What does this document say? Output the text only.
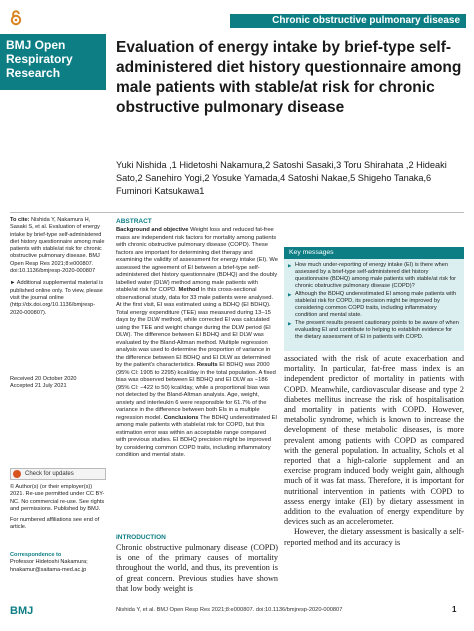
Chronic obstructive pulmonary disease
BMJ Open Respiratory Research
Evaluation of energy intake by brief-type self-administered diet history questionnaire among male patients with stable/at risk for chronic obstructive pulmonary disease
Yuki Nishida ,1 Hidetoshi Nakamura,2 Satoshi Sasaki,3 Toru Shirahata ,2 Hideaki Sato,2 Sanehiro Yogi,2 Yosuke Yamada,4 Satoshi Nakae,5 Shigeho Tanaka,6 Fuminori Katsukawa1
To cite: Nishida Y, Nakamura H, Sasaki S, et al. Evaluation of energy intake by brief-type self-administered diet history questionnaire among male patients with stable/at risk for chronic obstructive pulmonary disease. BMJ Open Resp Res 2021;8:e000807. doi:10.1136/bmjresp-2020-000807
► Additional supplemental material is published online only. To view, please visit the journal online (http://dx.doi.org/10.1136/bmjresp-2020-000807).
Received 20 October 2020
Accepted 21 July 2021
Check for updates
© Author(s) (or their employer(s)) 2021. Re-use permitted under CC BY-NC. No commercial re-use. See rights and permissions. Published by BMJ.
For numbered affiliations see end of article.
Correspondence to
Professor Hidetoshi Nakamura; hnakamur@saitama-med.ac.jp
ABSTRACT
Background and objective Weight loss and reduced fat-free mass are independent risk factors for mortality among patients with chronic obstructive pulmonary disease (COPD). These factors are important for determining diet therapy and examining the validity of assessment for energy intake (EI). We assessed the agreement of EI between a brief-type self-administered diet history questionnaire (BDHQ) and the doubly labelled water (DLW) method among male patients with stable/at risk for COPD. Method In this cross-sectional observational study, data for 33 male patients were analysed. At the first visit, EI was estimated using a BDHQ (EI BDHQ). Total energy expenditure (TEE) was measured during 13–15 days by the DLW method, while corrected EI was calculated using the TEE and weight change during the DLW period (EI DLW). The difference between EI BDHQ and EI DLW was evaluated by the Bland-Altman method. Multiple regression analysis was used to determine the proportion of variance in the difference between EI BDHQ and EI DLW as determined by the patient's characteristics. Results EI BDHQ was 2000 (95% CI: 1905 to 2295) kcal/day in the total population. A fixed bias was observed between EI BDHQ and EI DLW as −186 (95% CI: −422 to 50) kcal/day, while a proportional bias was not detected by the Bland-Altman analysis. Age, weight, anxiety and interleukin 6 were responsible for 61.7% of the variance in the difference between both EIs in a multiple regression model. Conclusions The BDHQ underestimated EI among male patients with stable/at risk for COPD, but this estimation error was within an acceptable range compared with previous studies. EI BDHQ precision might be improved by considering common COPD traits, including inflammatory condition and mental state.
Key messages
▶ How much under-reporting of energy intake (EI) is there when assessed by a brief-type self-administered diet history questionnaire (BDHQ) among male patients with stable/at risk for chronic obstructive pulmonary disease (COPD)?
▶ Although the BDHQ underestimated EI among male patients with stable/at risk for COPD, its precision might be improved by considering common COPD traits, including inflammatory condition and mental state.
▶ The present results present cautionary points to be aware of when evaluating EI and contribute to helping to establish evidence for the dietary assessment of EI in patients with COPD.
associated with the risk of acute exacerbation and mortality. In particular, fat-free mass index is an independent predictor of mortality in patients with COPD. Meanwhile, cardiovascular disease and type 2 diabetes mellitus increase the risk of hospitalisation and mortality in patients with COPD. However, metabolic syndrome, which is known to increase the development of these metabolic diseases, is more prevalent among patients with COPD as compared with the general population. In actuality, Schols et al reported that a high-calorie supplement and an exercise program induced body weight gain, although much of it was fat mass. Therefore, it is important for nutritional intervention in patients with COPD to assess energy intake (EI) by dietary assessment in addition to the evaluation of energy expenditure by devices such as an accelerometer.
However, the dietary assessment is basically a self-reported method and its accuracy is
INTRODUCTION
Chronic obstructive pulmonary disease (COPD) is one of the primary causes of mortality throughout the world, and thus, its prevention is of great concern. Previous studies have shown that low body weight is
BMJ	Nishida Y, et al. BMJ Open Resp Res 2021;8:e000807. doi:10.1136/bmjresp-2020-000807	1
